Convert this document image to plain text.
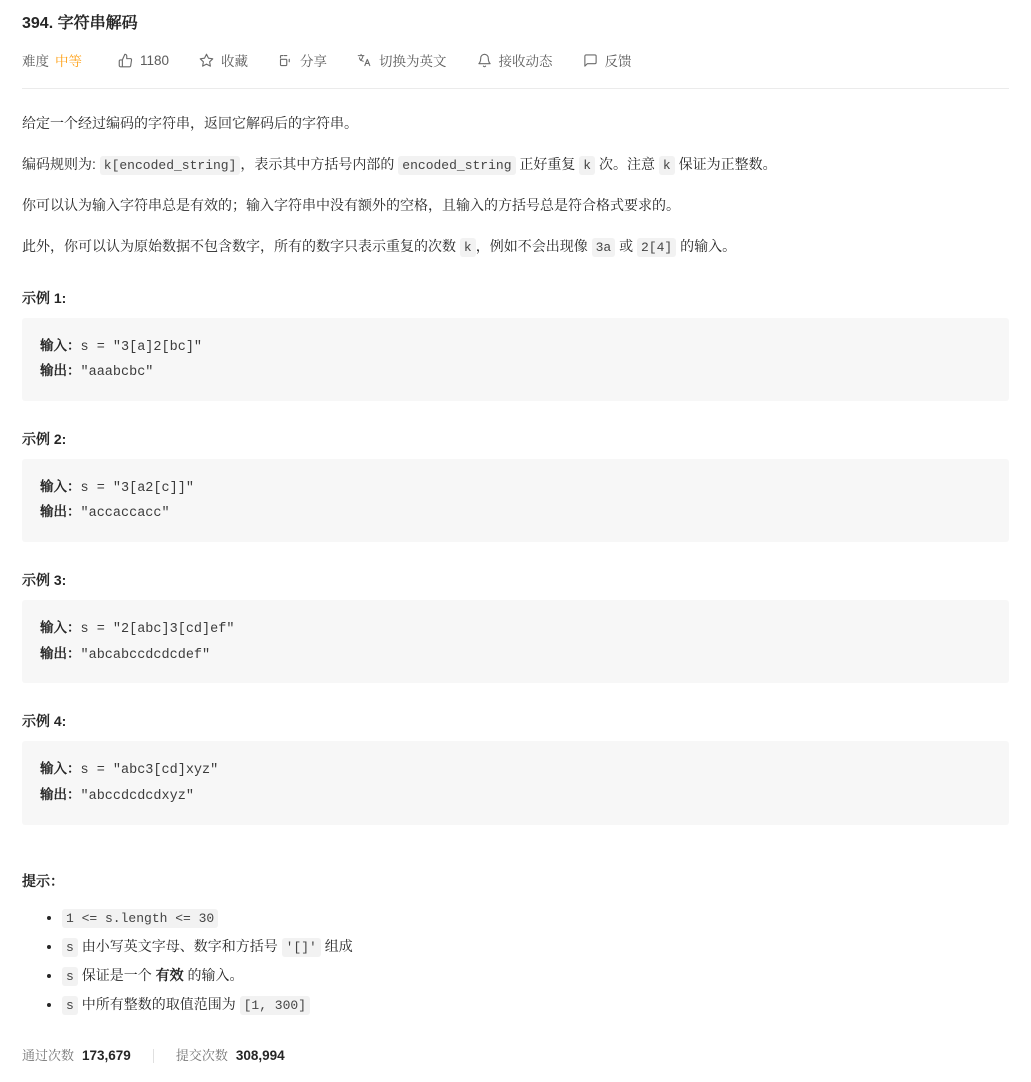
394. 字符串解码
难度 中等	1180	收藏	分享	切换为英文	接收动态	反馈

给定一个经过编码的字符串，返回它解码后的字符串。

编码规则为: k[encoded_string] ，表示其中方括号内部的 encoded_string 正好重复 k 次。注意 k 保证为正整数。

你可以认为输入字符串总是有效的；输入字符串中没有额外的空格，且输入的方括号总是符合格式要求的。

此外，你可以认为原始数据不包含数字，所有的数字只表示重复的次数 k ，例如不会出现像 3a 或 2[4] 的输入。

示例 1:
输入：s = "3[a]2[bc]"
输出："aaabcbc"
示例 2:
输入：s = "3[a2[c]]"
输出："accaccacc"
示例 3:
输入：s = "2[abc]3[cd]ef"
输出："abcabccdcdcdef"
示例 4:
输入：s = "abc3[cd]xyz"
输出："abccdcdcdxyz"
提示：
• 1 <= s.length <= 30
• s 由小写英文字母、数字和方括号 '[]' 组成
• s 保证是一个 有效 的输入。
• s 中所有整数的取值范围为 [1, 300]
通过次数 173,679	提交次数 308,994
